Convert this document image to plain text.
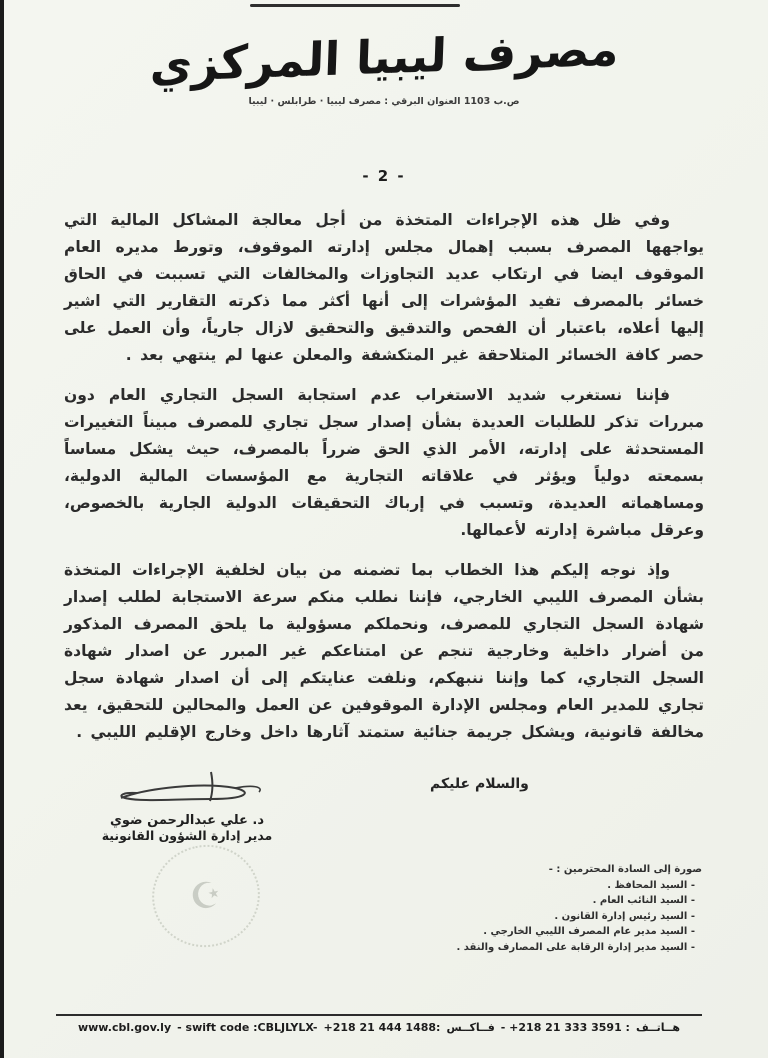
مصرف ليبيا المركزي
ص.ب 1103 العنوان البرقي : مصرف ليبيا · طرابلس · ليبيا
- 2 -

وفي ظل هذه الإجراءات المتخذة من أجل معالجة المشاكل المالية التي يواجهها المصرف بسبب إهمال مجلس إدارته الموقوف، وتورط مديره العام الموقوف ايضا في ارتكاب عديد التجاوزات والمخالفات التي تسببت في الحاق خسائر بالمصرف تفيد المؤشرات إلى أنها أكثر مما ذكرته التقارير التي اشير إليها أعلاه، باعتبار أن الفحص والتدقيق والتحقيق لازال جارياً، وأن العمل على حصر كافة الخسائر المتلاحقة غير المتكشفة والمعلن عنها لم ينتهي بعد .

فإننا نستغرب شديد الاستغراب عدم استجابة السجل التجاري العام دون مبررات تذكر للطلبات العديدة بشأن إصدار سجل تجاري للمصرف مبيناً التغييرات المستحدثة على إدارته، الأمر الذي الحق ضرراً بالمصرف، حيث يشكل مساساً بسمعته دولياً ويؤثر في علاقاته التجارية مع المؤسسات المالية الدولية، ومساهماته العديدة، وتسبب في إرباك التحقيقات الدولية الجارية بالخصوص، وعرقل مباشرة إدارته لأعمالها.

وإذ نوجه إليكم هذا الخطاب بما تضمنه من بيان لخلفية الإجراءات المتخذة بشأن المصرف الليبي الخارجي، فإننا نطلب منكم سرعة الاستجابة لطلب إصدار شهادة السجل التجاري للمصرف، ونحملكم مسؤولية ما يلحق المصرف المذكور من أضرار داخلية وخارجية تنجم عن امتناعكم غير المبرر عن اصدار شهادة السجل التجاري، كما وإننا ننبهكم، ونلفت عنايتكم إلى أن اصدار شهادة سجل تجاري للمدير العام ومجلس الإدارة الموقوفين عن العمل والمحالين للتحقيق، يعد مخالفة قانونية، ويشكل جريمة جنائية ستمتد آثارها داخل وخارج الإقليم الليبي .

والسلام عليكم
د. علي عبدالرحمن ضوي
مدير إدارة الشؤون القانونية
☪
صورة إلى السادة المحترمين : -
- السيد المحافظ .
- السيد النائب العام .
- السيد رئيس إدارة القانون .
- السيد مدير عام المصرف الليبي الخارجي .
- السيد مدير إدارة الرقابة على المصارف والنقد .
www.cbl.gov.ly - swift code :CBLJLYLX- +218 21 444 1488: فــاكــس - +218 21 333 3591 : هــاتــف
